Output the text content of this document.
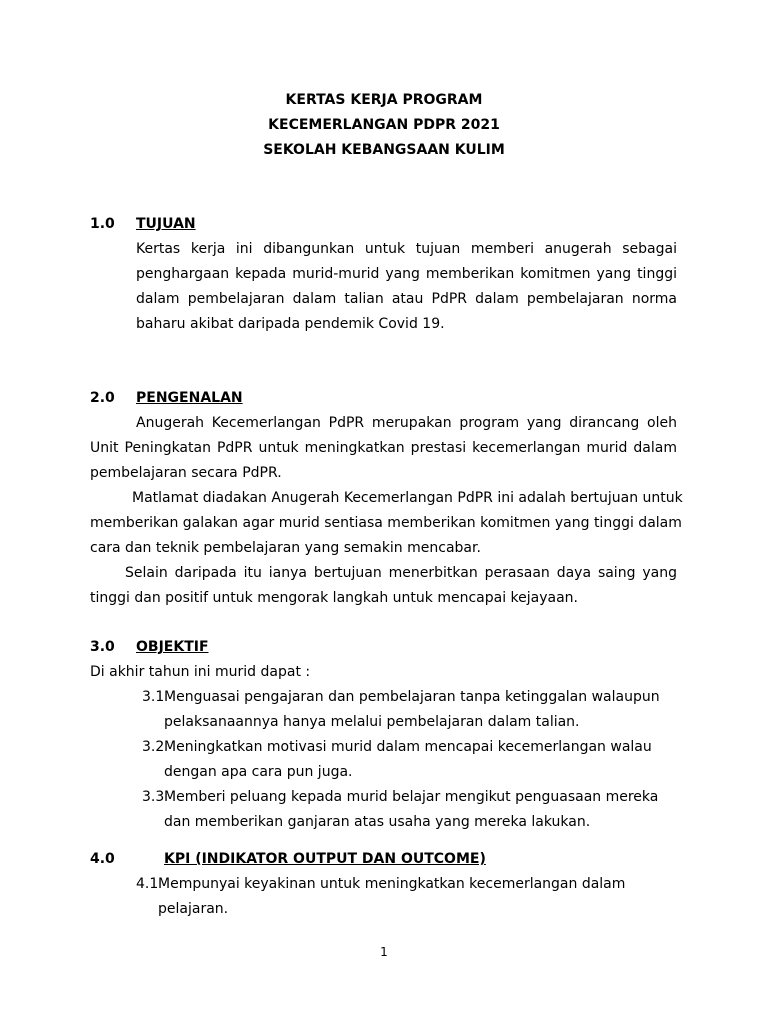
KERTAS KERJA PROGRAM
KECEMERLANGAN PDPR 2021
SEKOLAH KEBANGSAAN KULIM
1.0 TUJUAN
Kertas kerja ini dibangunkan untuk tujuan memberi anugerah sebagai
penghargaan kepada murid-murid yang memberikan komitmen yang tinggi
dalam pembelajaran dalam talian atau PdPR dalam pembelajaran norma
baharu akibat daripada pendemik Covid 19.
2.0 PENGENALAN
Anugerah Kecemerlangan PdPR merupakan program yang dirancang oleh
Unit Peningkatan PdPR untuk meningkatkan prestasi kecemerlangan murid dalam
pembelajaran secara PdPR.
Matlamat diadakan Anugerah Kecemerlangan PdPR ini adalah bertujuan untuk
memberikan galakan agar murid sentiasa memberikan komitmen yang tinggi dalam
cara dan teknik pembelajaran yang semakin mencabar.
Selain daripada itu ianya bertujuan menerbitkan perasaan daya saing yang
tinggi dan positif untuk mengorak langkah untuk mencapai kejayaan.
3.0 OBJEKTIF
Di akhir tahun ini murid dapat :
3.1 Menguasai pengajaran dan pembelajaran tanpa ketinggalan walaupun
pelaksanaannya hanya melalui pembelajaran dalam talian.
3.2 Meningkatkan motivasi murid dalam mencapai kecemerlangan walau
dengan apa cara pun juga.
3.3 Memberi peluang kepada murid belajar mengikut penguasaan mereka
dan memberikan ganjaran atas usaha yang mereka lakukan.
4.0	KPI (INDIKATOR OUTPUT DAN OUTCOME)
4.1 Mempunyai keyakinan untuk meningkatkan kecemerlangan dalam
pelajaran.
1
